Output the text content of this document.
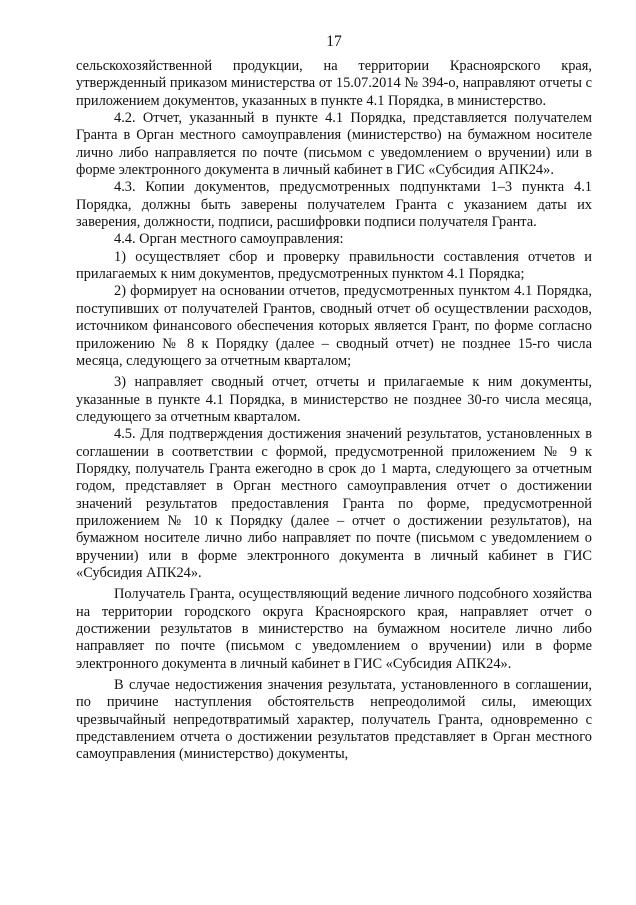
17

сельскохозяйственной продукции, на территории Красноярского края, утвержденный приказом министерства от 15.07.2014 № 394-о, направляют отчеты с приложением документов, указанных в пункте 4.1 Порядка, в министерство.

4.2. Отчет, указанный в пункте 4.1 Порядка, представляется получателем Гранта в Орган местного самоуправления (министерство) на бумажном носителе лично либо направляется по почте (письмом с уведомлением о вручении) или в форме электронного документа в личный кабинет в ГИС «Субсидия АПК24».

4.3. Копии документов, предусмотренных подпунктами 1–3 пункта 4.1 Порядка, должны быть заверены получателем Гранта с указанием даты их заверения, должности, подписи, расшифровки подписи получателя Гранта.

4.4. Орган местного самоуправления:

1) осуществляет сбор и проверку правильности составления отчетов и прилагаемых к ним документов, предусмотренных пунктом 4.1 Порядка;

2) формирует на основании отчетов, предусмотренных пунктом 4.1 Порядка, поступивших от получателей Грантов, сводный отчет об осуществлении расходов, источником финансового обеспечения которых является Грант, по форме согласно приложению № 8 к Порядку (далее – сводный отчет) не позднее 15-го числа месяца, следующего за отчетным кварталом;

3) направляет сводный отчет, отчеты и прилагаемые к ним документы, указанные в пункте 4.1 Порядка, в министерство не позднее 30-го числа месяца, следующего за отчетным кварталом.

4.5. Для подтверждения достижения значений результатов, установленных в соглашении в соответствии с формой, предусмотренной приложением № 9 к Порядку, получатель Гранта ежегодно в срок до 1 марта, следующего за отчетным годом, представляет в Орган местного самоуправления отчет о достижении значений результатов предоставления Гранта по форме, предусмотренной приложением № 10 к Порядку (далее – отчет о достижении результатов), на бумажном носителе лично либо направляет по почте (письмом с уведомлением о вручении) или в форме электронного документа в личный кабинет в ГИС «Субсидия АПК24».

Получатель Гранта, осуществляющий ведение личного подсобного хозяйства на территории городского округа Красноярского края, направляет отчет о достижении результатов в министерство на бумажном носителе лично либо направляет по почте (письмом с уведомлением о вручении) или в форме электронного документа в личный кабинет в ГИС «Субсидия АПК24».

В случае недостижения значения результата, установленного в соглашении, по причине наступления обстоятельств непреодолимой силы, имеющих чрезвычайный непредотвратимый характер, получатель Гранта, одновременно с представлением отчета о достижении результатов представляет в Орган местного самоуправления (министерство) документы,
